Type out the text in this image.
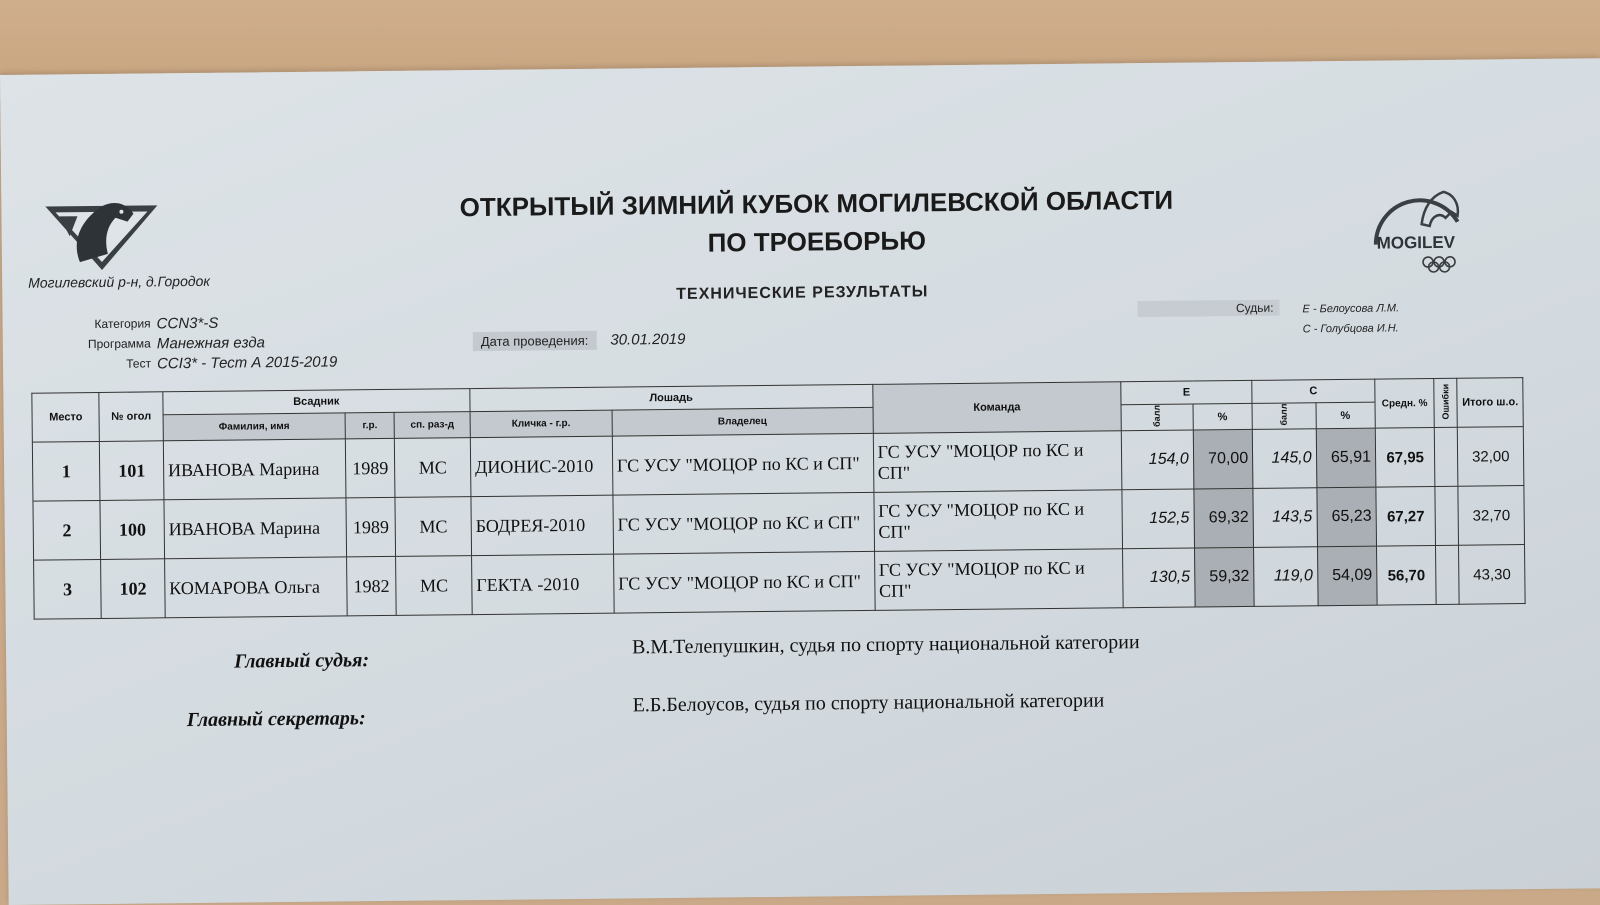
Могилевский р-н, д.Городок
ОТКРЫТЫЙ ЗИМНИЙ КУБОК МОГИЛЕВСКОЙ ОБЛАСТИ
ПО ТРОЕБОРЬЮ
ТЕХНИЧЕСКИЕ РЕЗУЛЬТАТЫ
MOGILEV
Категория CCN3*-S
Программа Манежная езда
Тест CCI3* - Тест А 2015-2019
Дата проведения:	30.01.2019
Судьи:	Е - Белоусова Л.М.
С - Голубцова И.Н.
Место	№ огол	Всадник			Лошадь		Команда	E		C		Средн. %	Ошибки	Итого ш.о.
		Фамилия, имя	г.р.	сп. раз-д	Кличка - г.р.	Владелец		балл	%	балл	%			
1	101	ИВАНОВА Марина	1989	МС	ДИОНИС-2010	ГС УСУ "МОЦОР по КС и СП"	ГС УСУ "МОЦОР по КС и СП"	154,0	70,00	145,0	65,91	67,95		32,00
2	100	ИВАНОВА Марина	1989	МС	БОДРЕЯ-2010	ГС УСУ "МОЦОР по КС и СП"	ГС УСУ "МОЦОР по КС и СП"	152,5	69,32	143,5	65,23	67,27		32,70
3	102	КОМАРОВА Ольга	1982	МС	ГЕКТА -2010	ГС УСУ "МОЦОР по КС и СП"	ГС УСУ "МОЦОР по КС и СП"	130,5	59,32	119,0	54,09	56,70		43,30
Главный судья:
В.М.Телепушкин, судья по спорту национальной категории
Главный секретарь:
Е.Б.Белоусов, судья по спорту национальной категории
